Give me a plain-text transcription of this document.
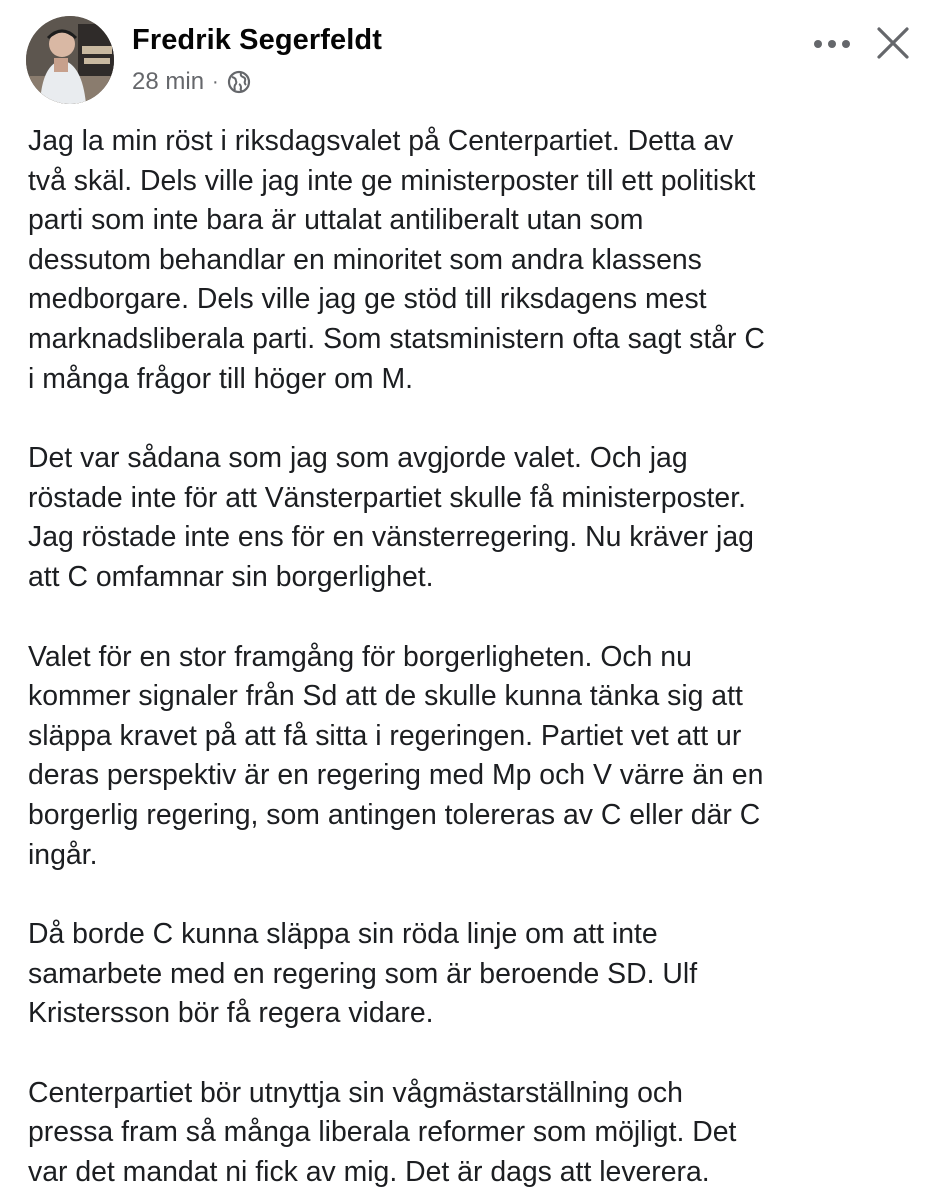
Fredrik Segerfeldt
28 min ·

Jag la min röst i riksdagsvalet på Centerpartiet. Detta av
två skäl. Dels ville jag inte ge ministerposter till ett politiskt
parti som inte bara är uttalat antiliberalt utan som
dessutom behandlar en minoritet som andra klassens
medborgare. Dels ville jag ge stöd till riksdagens mest
marknadsliberala parti. Som statsministern ofta sagt står C
i många frågor till höger om M.

Det var sådana som jag som avgjorde valet. Och jag
röstade inte för att Vänsterpartiet skulle få ministerposter.
Jag röstade inte ens för en vänsterregering. Nu kräver jag
att C omfamnar sin borgerlighet.

Valet för en stor framgång för borgerligheten. Och nu
kommer signaler från Sd att de skulle kunna tänka sig att
släppa kravet på att få sitta i regeringen. Partiet vet att ur
deras perspektiv är en regering med Mp och V värre än en
borgerlig regering, som antingen tolereras av C eller där C
ingår.

Då borde C kunna släppa sin röda linje om att inte
samarbete med en regering som är beroende SD. Ulf
Kristersson bör få regera vidare.

Centerpartiet bör utnyttja sin vågmästarställning och
pressa fram så många liberala reformer som möjligt. Det
var det mandat ni fick av mig. Det är dags att leverera.
